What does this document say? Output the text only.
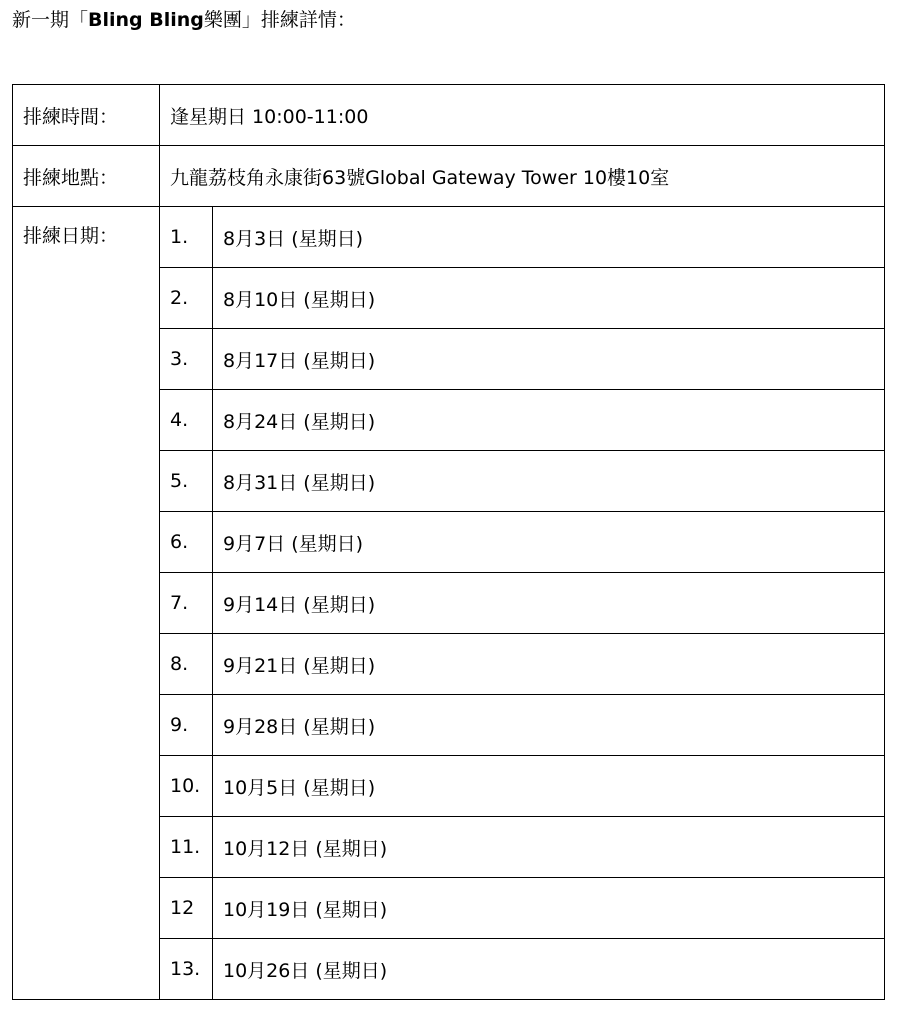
新一期「Bling Bling樂團」排練詳情：
排練時間：	逢星期日 10:00-11:00	
排練地點：	九龍荔枝角永康街63號Global Gateway Tower 10樓10室	
排練日期：	1.	8月3日 (星期日)
	2.	8月10日 (星期日)
	3.	8月17日 (星期日)
	4.	8月24日 (星期日)
	5.	8月31日 (星期日)
	6.	9月7日 (星期日)
	7.	9月14日 (星期日)
	8.	9月21日 (星期日)
	9.	9月28日 (星期日)
	10.	10月5日 (星期日)
	11.	10月12日 (星期日)
	12	10月19日 (星期日)
	13.	10月26日 (星期日)
